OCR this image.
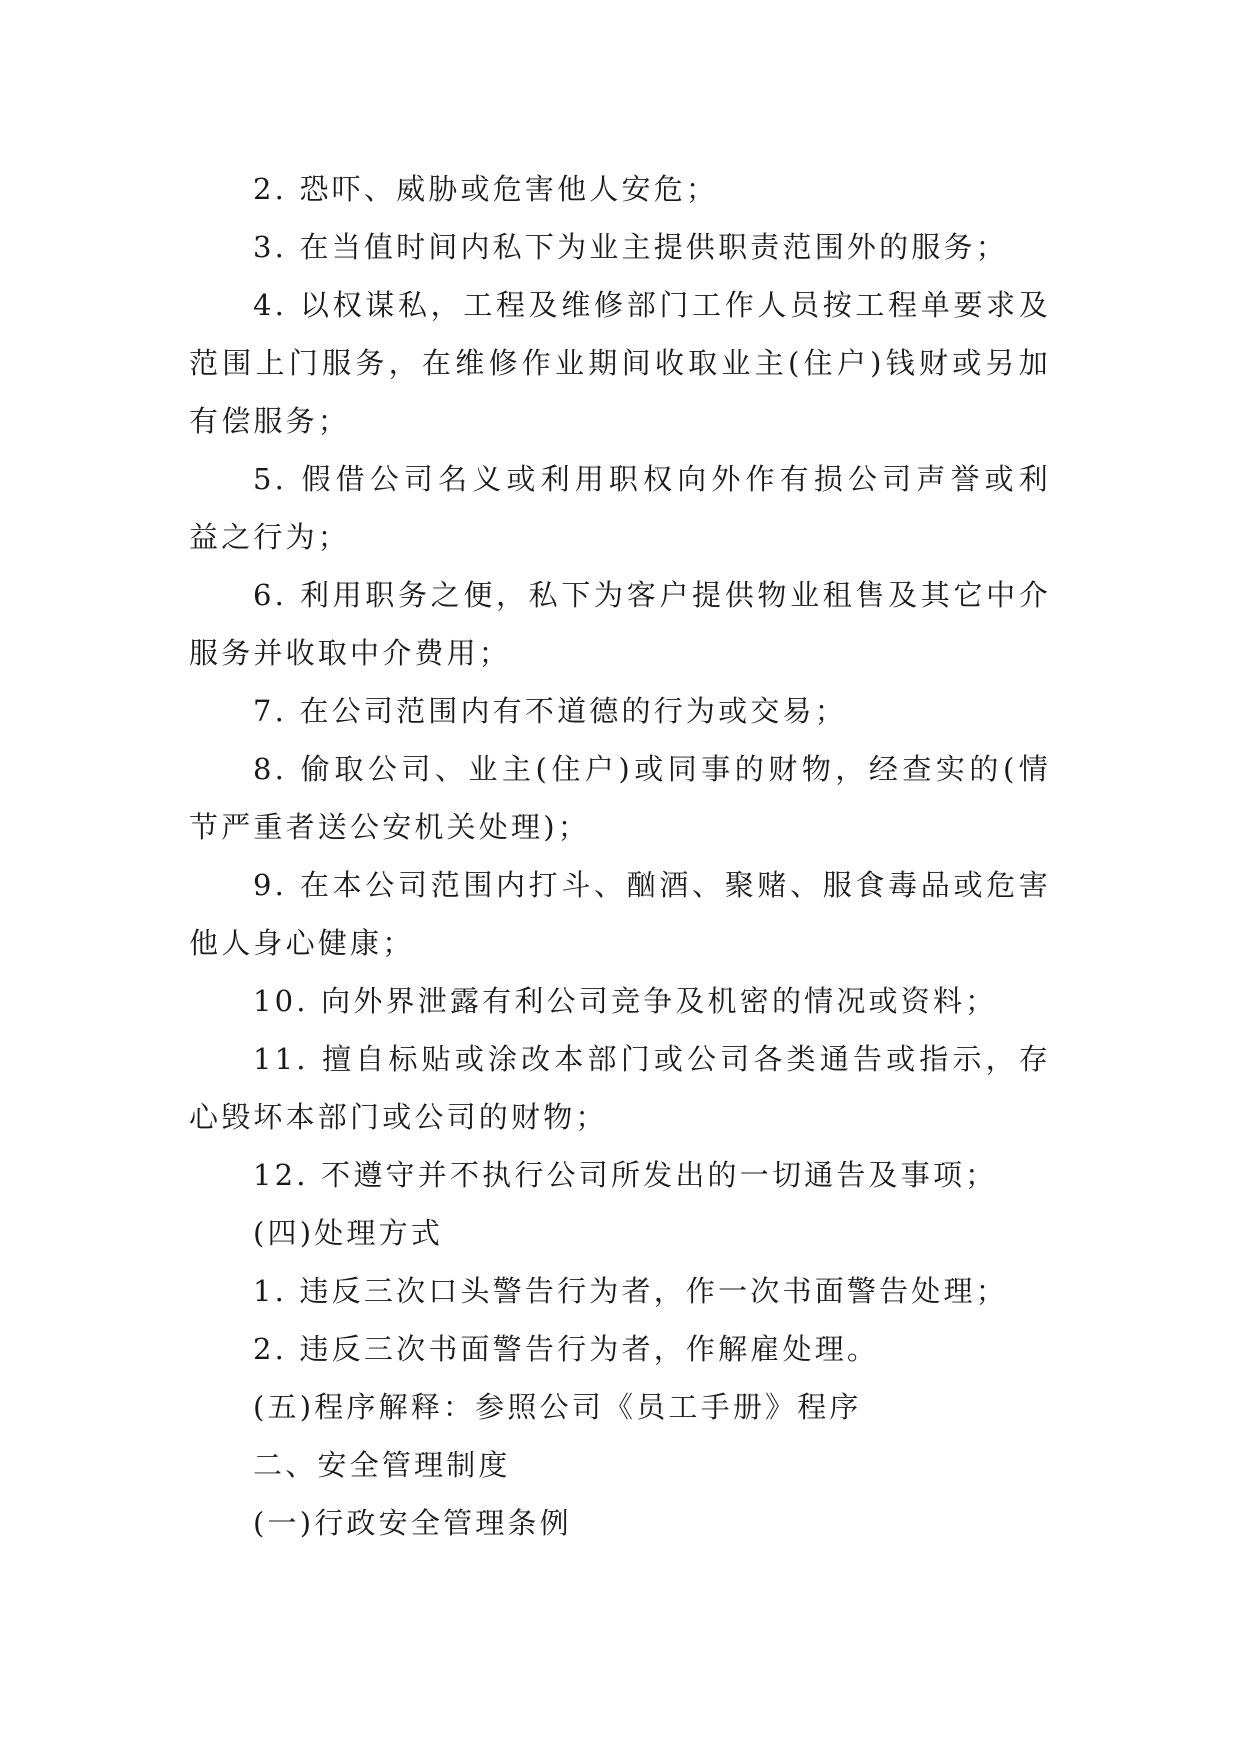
2. 恐吓、威胁或危害他人安危；
3. 在当值时间内私下为业主提供职责范围外的服务；
4. 以权谋私，工程及维修部门工作人员按工程单要求及
范围上门服务，在维修作业期间收取业主(住户)钱财或另加
有偿服务；
5. 假借公司名义或利用职权向外作有损公司声誉或利
益之行为；
6. 利用职务之便，私下为客户提供物业租售及其它中介
服务并收取中介费用；
7. 在公司范围内有不道德的行为或交易；
8. 偷取公司、业主(住户)或同事的财物，经查实的(情
节严重者送公安机关处理)；
9. 在本公司范围内打斗、酗酒、聚赌、服食毒品或危害
他人身心健康；
10. 向外界泄露有利公司竞争及机密的情况或资料；
11. 擅自标贴或涂改本部门或公司各类通告或指示，存
心毁坏本部门或公司的财物；
12. 不遵守并不执行公司所发出的一切通告及事项；
(四)处理方式
1. 违反三次口头警告行为者，作一次书面警告处理；
2. 违反三次书面警告行为者，作解雇处理。
(五)程序解释：参照公司《员工手册》程序
二、安全管理制度
(一)行政安全管理条例
